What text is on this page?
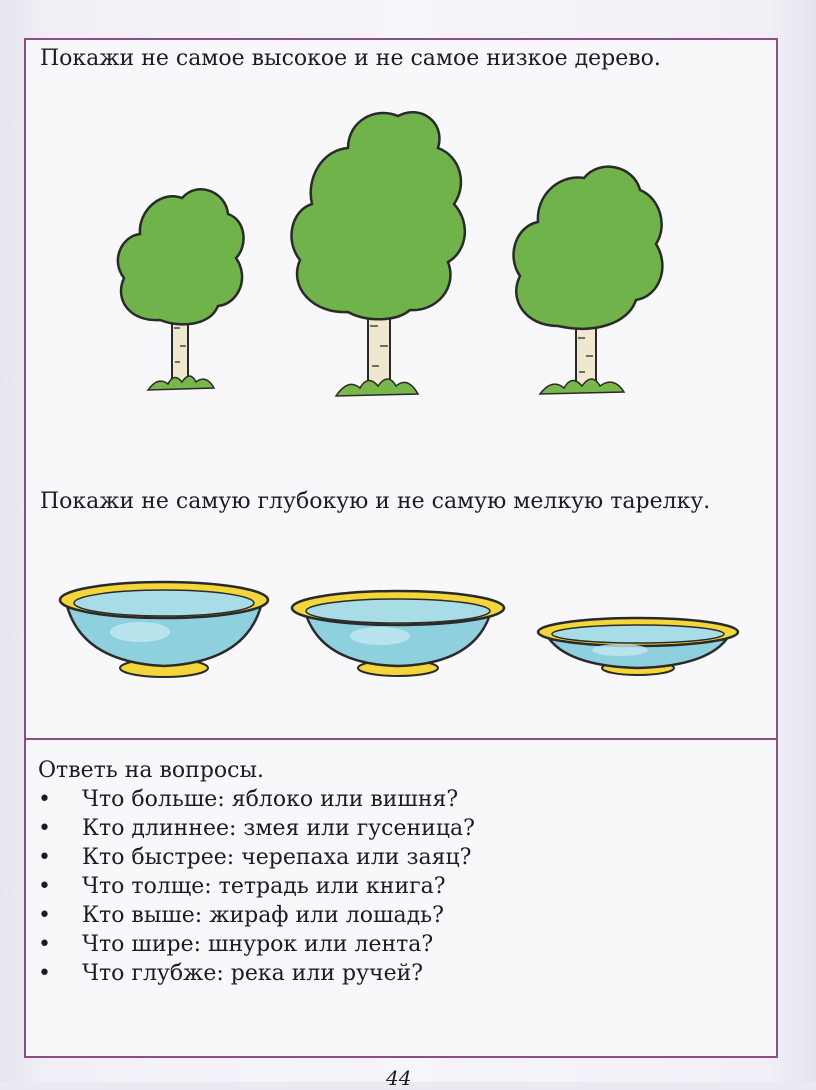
Покажи не самое высокое и не самое низкое дерево.
Покажи не самую глубокую и не самую мелкую тарелку.

Ответь на вопросы.

• Что больше: яблоко или вишня?
• Кто длиннее: змея или гусеница?
• Кто быстрее: черепаха или заяц?
• Что толще: тетрадь или книга?
• Кто выше: жираф или лошадь?
• Что шире: шнурок или лента?
• Что глубже: река или ручей?
44
